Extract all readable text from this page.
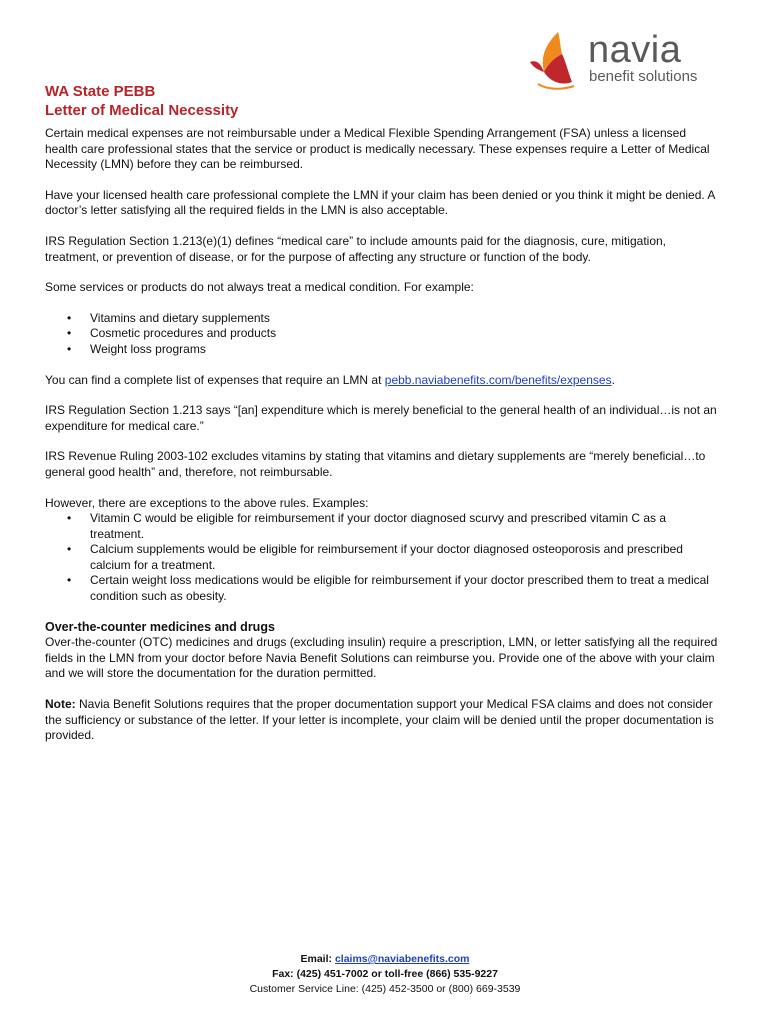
navia
benefit solutions
WA State PEBB
Letter of Medical Necessity

Certain medical expenses are not reimbursable under a Medical Flexible Spending Arrangement (FSA) unless a licensed health care professional states that the service or product is medically necessary. These expenses require a Letter of Medical Necessity (LMN) before they can be reimbursed.

Have your licensed health care professional complete the LMN if your claim has been denied or you think it might be denied. A doctor’s letter satisfying all the required fields in the LMN is also acceptable.

IRS Regulation Section 1.213(e)(1) defines “medical care” to include amounts paid for the diagnosis, cure, mitigation, treatment, or prevention of disease, or for the purpose of affecting any structure or function of the body.

Some services or products do not always treat a medical condition. For example:

• Vitamins and dietary supplements
• Cosmetic procedures and products
• Weight loss programs

You can find a complete list of expenses that require an LMN at pebb.naviabenefits.com/benefits/expenses.

IRS Regulation Section 1.213 says “[an] expenditure which is merely beneficial to the general health of an individual…is not an expenditure for medical care.”

IRS Revenue Ruling 2003-102 excludes vitamins by stating that vitamins and dietary supplements are “merely beneficial…to general good health” and, therefore, not reimbursable.

However, there are exceptions to the above rules. Examples:

• Vitamin C would be eligible for reimbursement if your doctor diagnosed scurvy and prescribed vitamin C as a treatment.
• Calcium supplements would be eligible for reimbursement if your doctor diagnosed osteoporosis and prescribed calcium for a treatment.
• Certain weight loss medications would be eligible for reimbursement if your doctor prescribed them to treat a medical condition such as obesity.
Over-the-counter medicines and drugs

Over-the-counter (OTC) medicines and drugs (excluding insulin) require a prescription, LMN, or letter satisfying all the required fields in the LMN from your doctor before Navia Benefit Solutions can reimburse you. Provide one of the above with your claim and we will store the documentation for the duration permitted.

Note: Navia Benefit Solutions requires that the proper documentation support your Medical FSA claims and does not consider the sufficiency or substance of the letter. If your letter is incomplete, your claim will be denied until the proper documentation is provided.

Email: claims@naviabenefits.com
Fax: (425) 451-7002 or toll-free (866) 535-9227
Customer Service Line: (425) 452-3500 or (800) 669-3539
